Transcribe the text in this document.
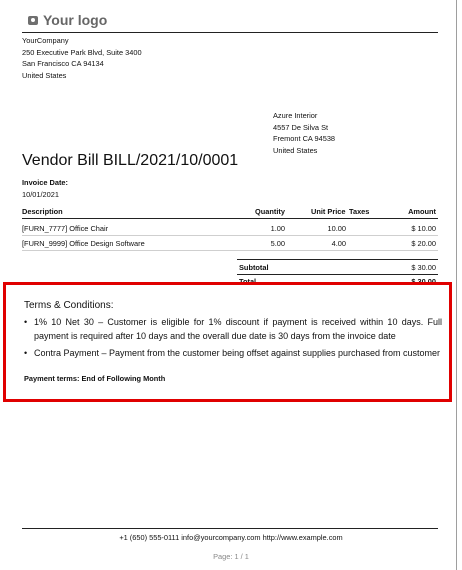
Your logo
YourCompany
250 Executive Park Blvd, Suite 3400
San Francisco CA 94134
United States
Azure Interior
4557 De Silva St
Fremont CA 94538
United States
Vendor Bill BILL/2021/10/0001
Invoice Date:
10/01/2021
Description	Quantity	Unit Price Taxes	Amount
[FURN_7777] Office Chair	1.00	10.00	$ 10.00
[FURN_9999] Office Design Software	5.00	4.00	$ 20.00
Subtotal	$ 30.00
Terms & Conditions:
• 1% 10 Net 30 – Customer is eligible for 1% discount if payment is received within 10 days. Full payment is required after 10 days and the overall due date is 30 days from the invoice date
• Contra Payment – Payment from the customer being offset against supplies purchased from customer
Payment terms: End of Following Month
+1 (650) 555-0111 info@yourcompany.com http://www.example.com
Page: 1 / 1
